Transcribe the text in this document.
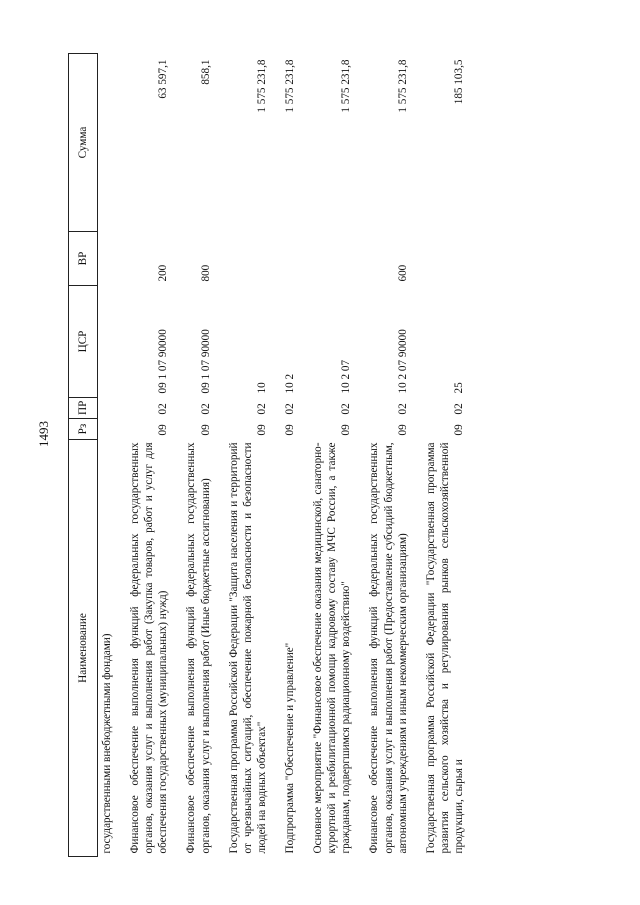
1493
Наименование	Рз	ПР	ЦСР	ВР	Сумма
государственными внебюджетными фондами)					
Финансовое обеспечение выполнения функций федеральных государственных органов, оказания услуг и выполнения работ (Закупка товаров, работ и услуг для обеспечения государственных (муниципальных) нужд)	09	02	09 1 07 90000	200	63 597,1
Финансовое обеспечение выполнения функций федеральных государственных органов, оказания услуг и выполнения работ (Иные бюджетные ассигнования)	09	02	09 1 07 90000	800	858,1
Государственная программа Российской Федерации "Защита населения и территорий от чрезвычайных ситуаций, обеспечение пожарной безопасности и безопасности людей на водных объектах"	09	02	10		1 575 231,8
Подпрограмма "Обеспечение и управление"	09	02	10 2		1 575 231,8
Основное мероприятие "Финансовое обеспечение оказания медицинской, санаторно-курортной и реабилитационной помощи кадровому составу МЧС России, а также гражданам, подвергшимся радиационному воздействию"	09	02	10 2 07		1 575 231,8
Финансовое обеспечение выполнения функций федеральных государственных органов, оказания услуг и выполнения работ (Предоставление субсидий бюджетным, автономным учреждениям и иным некоммерческим организациям)	09	02	10 2 07 90000	600	1 575 231,8
Государственная программа Российской Федерации "Государственная программа развития сельского хозяйства и регулирования рынков сельскохозяйственной продукции, сырья и	09	02	25		185 103,5
